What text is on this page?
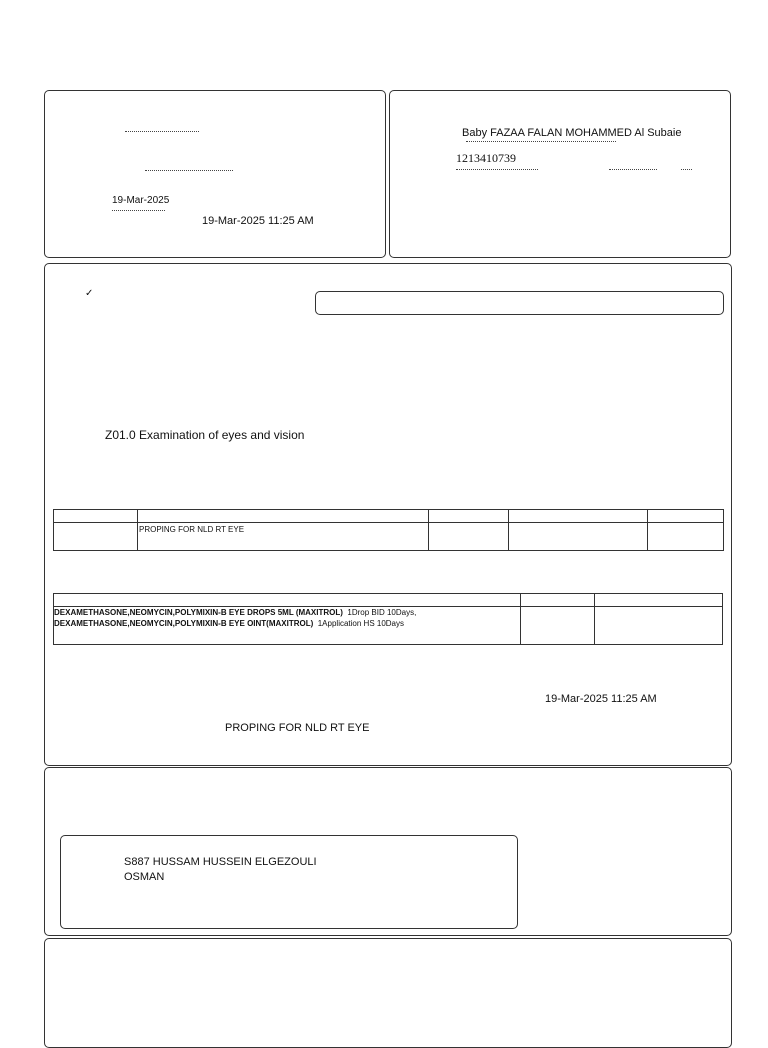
19-Mar-2025
19-Mar-2025 11:25 AM
Baby FAZAA FALAN MOHAMMED Al Subaie
1213410739
✓
Z01.0 Examination of eyes and vision

	PROPING FOR NLD RT EYE			

DEXAMETHASONE,NEOMYCIN,POLYMIXIN-B EYE DROPS 5ML (MAXITROL) 1Drop BID 10Days,
DEXAMETHASONE,NEOMYCIN,POLYMIXIN-B EYE OINT(MAXITROL) 1Application HS 10Days		

19-Mar-2025 11:25 AM
PROPING FOR NLD RT EYE
S887 HUSSAM HUSSEIN ELGEZOULI
OSMAN
